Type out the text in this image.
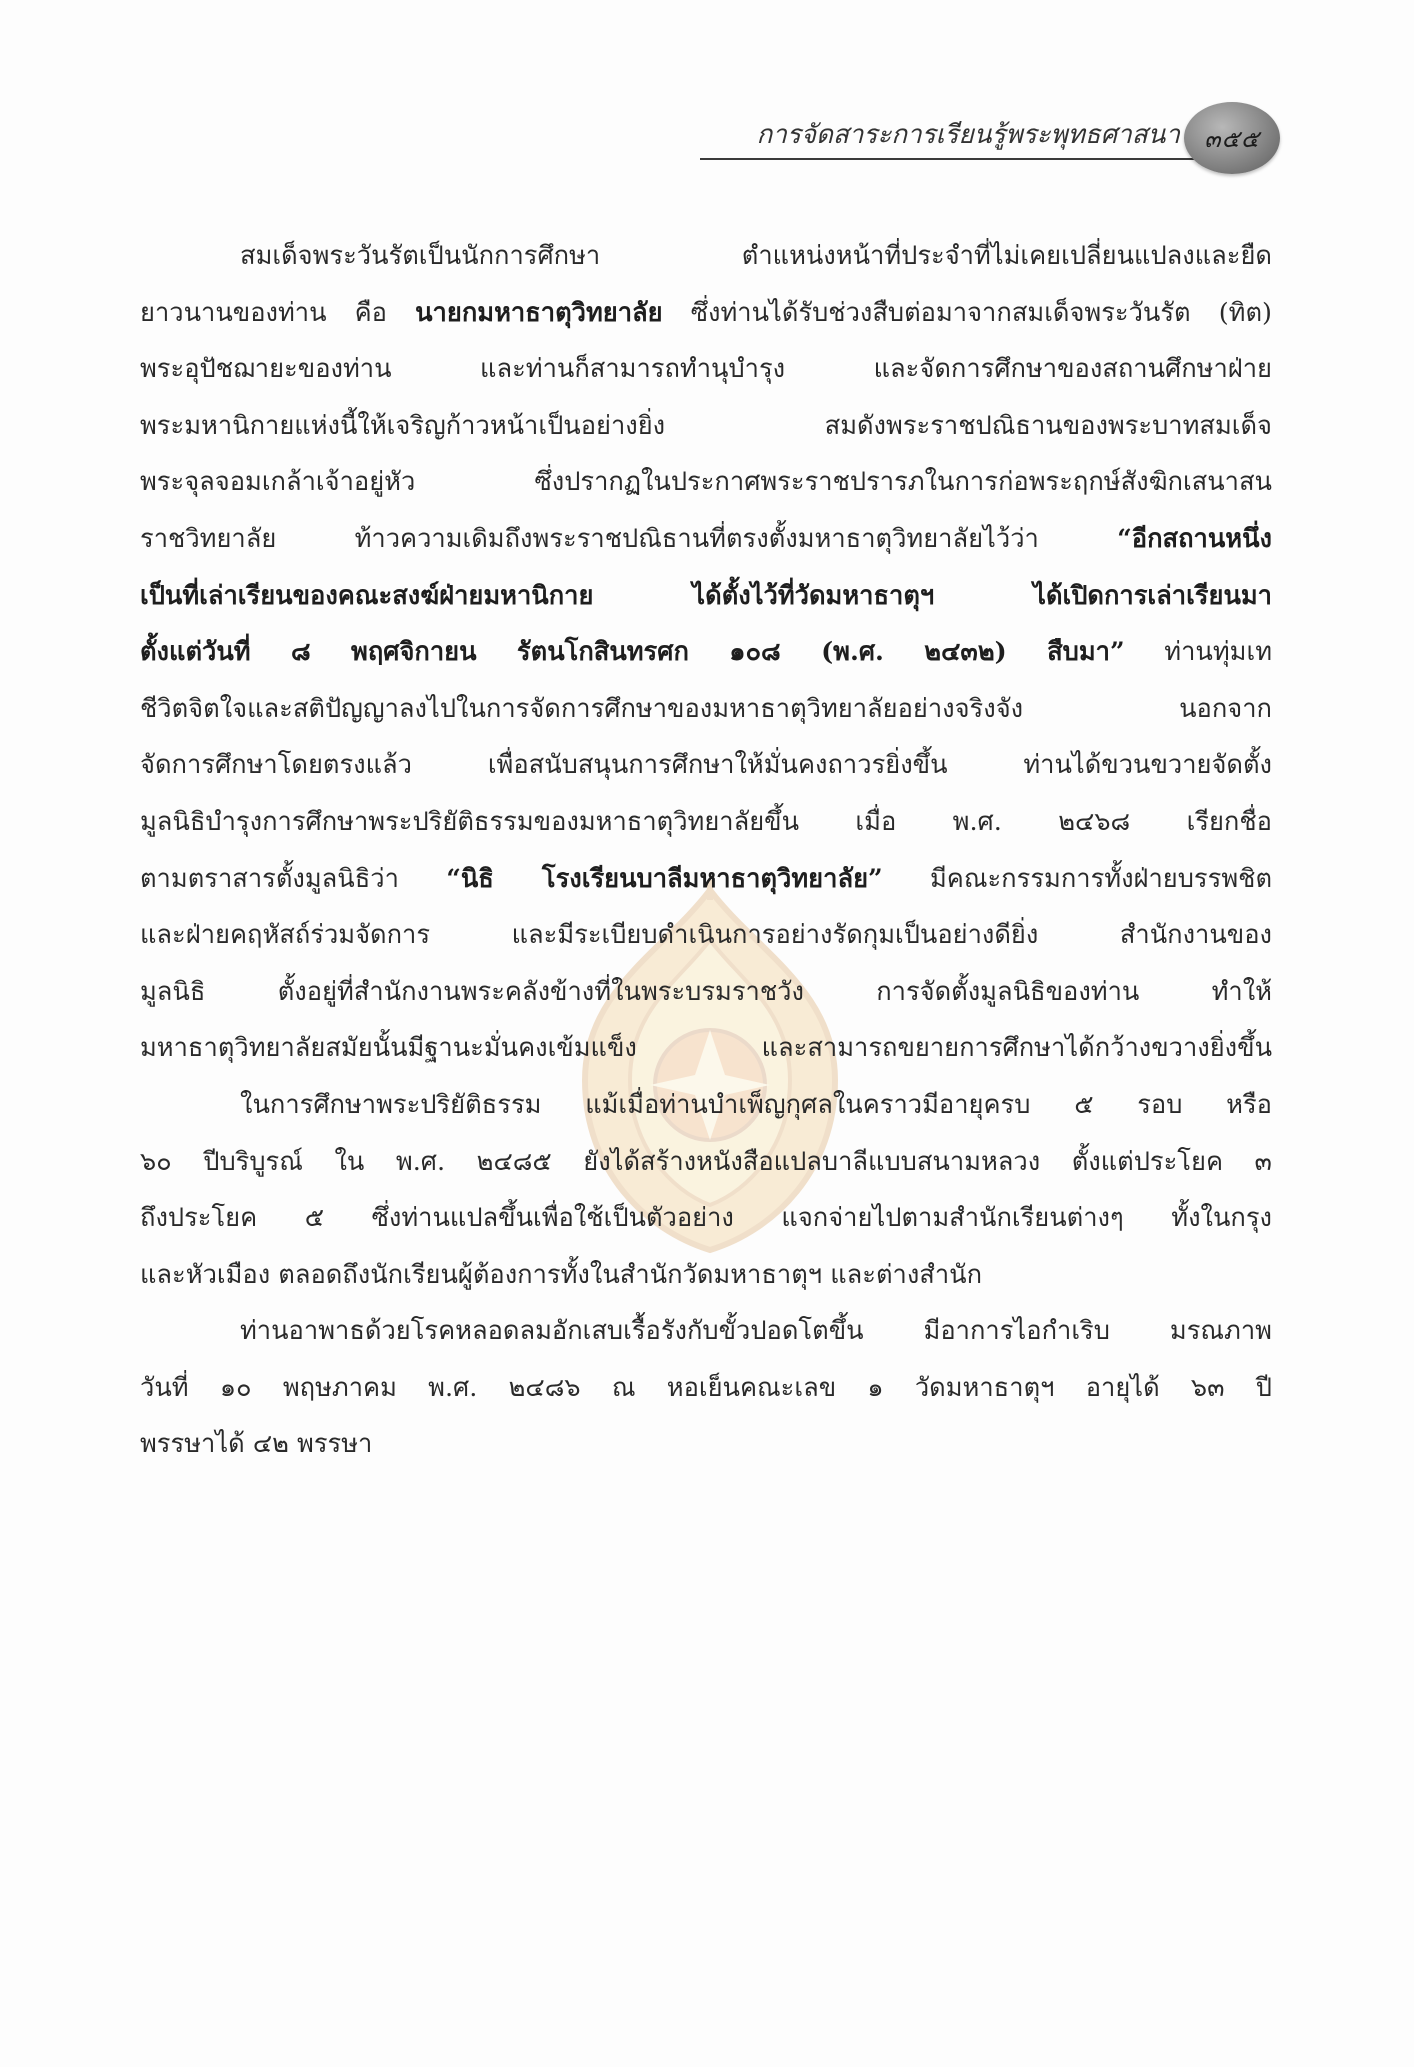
การจัดสาระการเรียนรู้พระพุทธศาสนา ๓๕๕
สมเด็จพระวันรัตเป็นนักการศึกษา ตำแหน่งหน้าที่ประจำที่ไม่เคยเปลี่ยนแปลงและยืด
ยาวนานของท่าน คือ นายกมหาธาตุวิทยาลัย ซึ่งท่านได้รับช่วงสืบต่อมาจากสมเด็จพระวันรัต (ทิต)
พระอุปัชฌายะของท่าน และท่านก็สามารถทำนุบำรุง และจัดการศึกษาของสถานศึกษาฝ่าย
พระมหานิกายแห่งนี้ให้เจริญก้าวหน้าเป็นอย่างยิ่ง สมดังพระราชปณิธานของพระบาทสมเด็จ
พระจุลจอมเกล้าเจ้าอยู่หัว ซึ่งปรากฏในประกาศพระราชปรารภในการก่อพระฤกษ์สังฆิกเสนาสน
ราชวิทยาลัย ท้าวความเดิมถึงพระราชปณิธานที่ตรงตั้งมหาธาตุวิทยาลัยไว้ว่า “อีกสถานหนึ่ง
เป็นที่เล่าเรียนของคณะสงฆ์ฝ่ายมหานิกาย ได้ตั้งไว้ที่วัดมหาธาตุฯ ได้เปิดการเล่าเรียนมา
ตั้งแต่วันที่ ๘ พฤศจิกายน รัตนโกสินทรศก ๑๐๘ (พ.ศ. ๒๔๓๒) สืบมา” ท่านทุ่มเท
ชีวิตจิตใจและสติปัญญาลงไปในการจัดการศึกษาของมหาธาตุวิทยาลัยอย่างจริงจัง นอกจาก
จัดการศึกษาโดยตรงแล้ว เพื่อสนับสนุนการศึกษาให้มั่นคงถาวรยิ่งขึ้น ท่านได้ขวนขวายจัดตั้ง
มูลนิธิบำรุงการศึกษาพระปริยัติธรรมของมหาธาตุวิทยาลัยขึ้น เมื่อ พ.ศ. ๒๔๖๘ เรียกชื่อ
ตามตราสารตั้งมูลนิธิว่า “นิธิ โรงเรียนบาลีมหาธาตุวิทยาลัย” มีคณะกรรมการทั้งฝ่ายบรรพชิต
และฝ่ายคฤหัสถ์ร่วมจัดการ และมีระเบียบดำเนินการอย่างรัดกุมเป็นอย่างดียิ่ง สำนักงานของ
มูลนิธิ ตั้งอยู่ที่สำนักงานพระคลังข้างที่ในพระบรมราชวัง การจัดตั้งมูลนิธิของท่าน ทำให้
มหาธาตุวิทยาลัยสมัยนั้นมีฐานะมั่นคงเข้มแข็ง และสามารถขยายการศึกษาได้กว้างขวางยิ่งขึ้น
ในการศึกษาพระปริยัติธรรม แม้เมื่อท่านบำเพ็ญกุศลในคราวมีอายุครบ ๕ รอบ หรือ
๖๐ ปีบริบูรณ์ ใน พ.ศ. ๒๔๘๕ ยังได้สร้างหนังสือแปลบาลีแบบสนามหลวง ตั้งแต่ประโยค ๓
ถึงประโยค ๕ ซึ่งท่านแปลขึ้นเพื่อใช้เป็นตัวอย่าง แจกจ่ายไปตามสำนักเรียนต่างๆ ทั้งในกรุง
และหัวเมือง ตลอดถึงนักเรียนผู้ต้องการทั้งในสำนักวัดมหาธาตุฯ และต่างสำนัก
ท่านอาพาธด้วยโรคหลอดลมอักเสบเรื้อรังกับขั้วปอดโตขึ้น มีอาการไอกำเริบ มรณภาพ
วันที่ ๑๐ พฤษภาคม พ.ศ. ๒๔๘๖ ณ หอเย็นคณะเลข ๑ วัดมหาธาตุฯ อายุได้ ๖๓ ปี
พรรษาได้ ๔๒ พรรษา
